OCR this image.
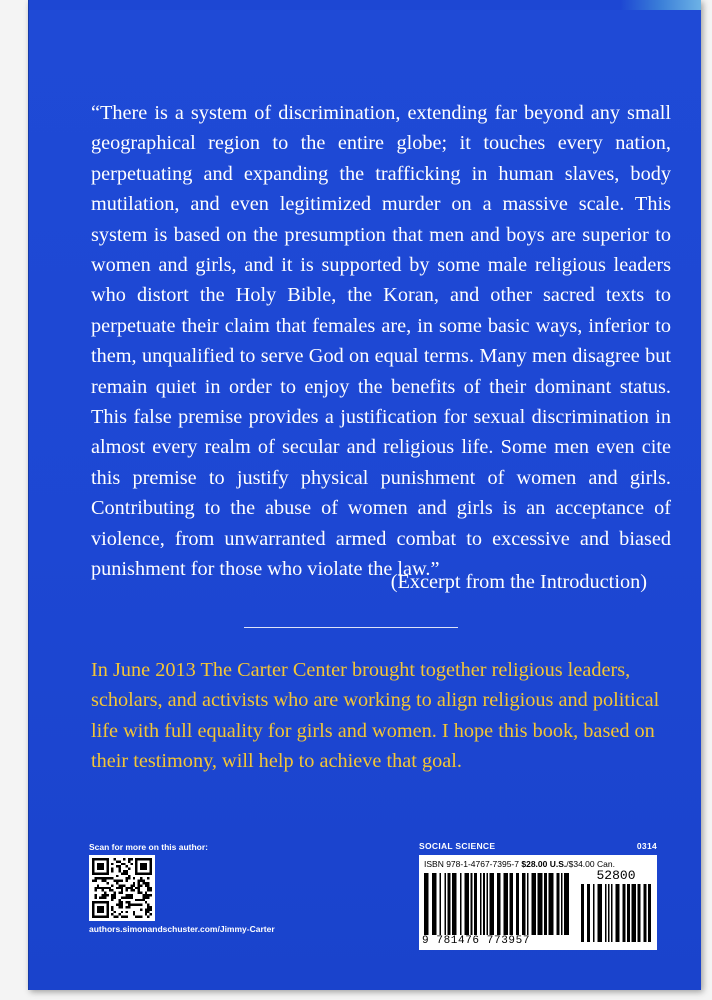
“There is a system of discrimination, extending far beyond any small geographical region to the entire globe; it touches every nation, perpetuating and expanding the trafficking in human slaves, body mutilation, and even legitimized murder on a massive scale. This system is based on the presumption that men and boys are superior to women and girls, and it is supported by some male religious leaders who distort the Holy Bible, the Koran, and other sacred texts to perpetuate their claim that females are, in some basic ways, inferior to them, unqualified to serve God on equal terms. Many men disagree but remain quiet in order to enjoy the benefits of their dominant status. This false premise provides a justification for sexual discrimination in almost every realm of secular and religious life. Some men even cite this premise to justify physical punishment of women and girls. Contributing to the abuse of women and girls is an acceptance of violence, from unwarranted armed combat to excessive and biased punishment for those who violate the law.”

(Excerpt from the Introduction)

In June 2013 The Carter Center brought together religious leaders, scholars, and activists who are working to align religious and political life with full equality for girls and women. I hope this book, based on their testimony, will help to achieve that goal.

Scan for more on this author:

authors.simonandschuster.com/Jimmy-Carter

SOCIAL SCIENCE	0314
ISBN 978-1-4767-7395-7 $28.00 U.S./$34.00 Can.
52800
9 781476 773957
